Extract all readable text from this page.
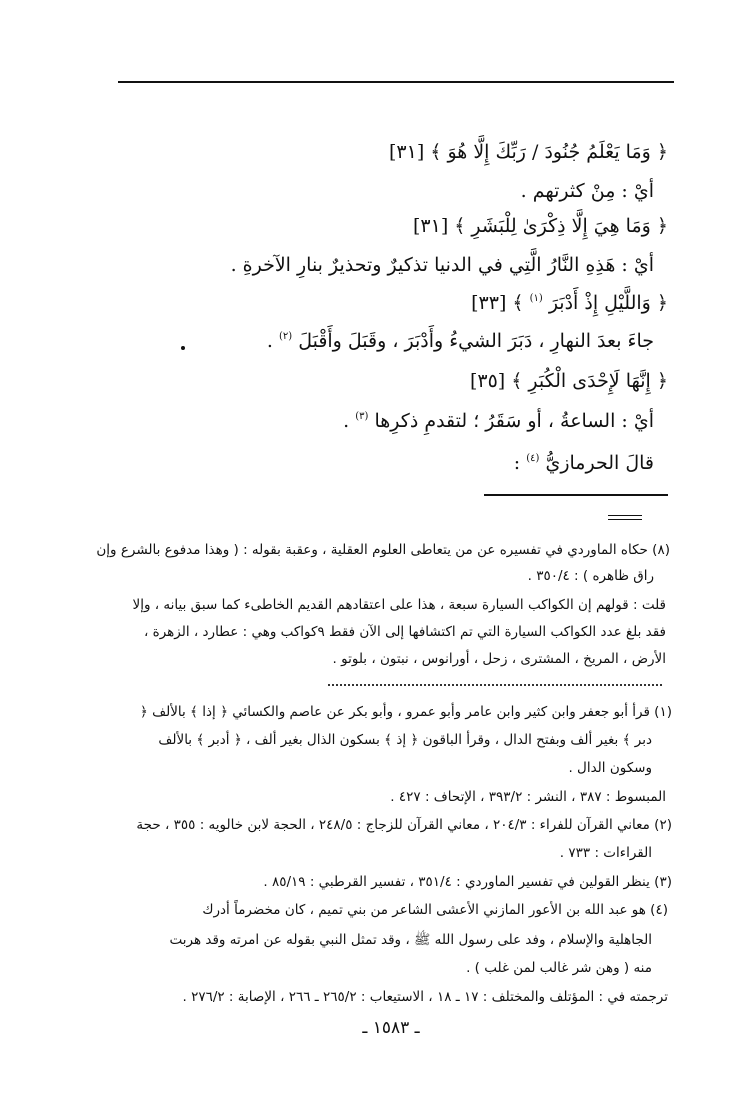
﴿ وَمَا يَعْلَمُ جُنُودَ / رَبِّكَ إِلَّا هُوَ ﴾ [٣١]
أيْ : مِنْ كثرتهم .
﴿ وَمَا هِيَ إِلَّا ذِكْرَىٰ لِلْبَشَرِ ﴾ [٣١]
أيْ : هَذِهِ النَّارُ الَّتِي في الدنيا تذكيرٌ وتحذيرٌ بنارِ الآخرةِ .
﴿ وَاللَّيْلِ إِذْ أَدْبَرَ $^{(١)}$ ﴾ [٣٣]
جاءَ بعدَ النهارِ ، دَبَرَ الشيءُ وأَدْبَرَ ، وقَبَلَ وأَقْبَلَ $^{(٢)}$ .
﴿ إِنَّهَا لَإِحْدَى الْكُبَرِ ﴾ [٣٥]
أيْ : الساعةُ ، أو سَقَرُ ؛ لتقدمِ ذكرِها $^{(٣)}$ .
قالَ الحرمازيُّ $^{(٤)}$ :
(٨) حكاه الماوردي في تفسيره عن من يتعاطى العلوم العقلية ، وعقبة بقوله : ( وهذا مدفوع بالشرع وإن
راق ظاهره ) : ٣٥٠/٤ .
قلت : قولهم إن الكواكب السيارة سبعة ، هذا على اعتقادهم القديم الخاطىء كما سبق بيانه ، وإلا
فقد بلغ عدد الكواكب السيارة التي تم اكتشافها إلى الآن فقط ٩كواكب وهي : عطارد ، الزهرة ،
الأرض ، المريخ ، المشترى ، زحل ، أورانوس ، نبتون ، بلوتو .
(١) قرأ أبو جعفر وابن كثير وابن عامر وأبو عمرو ، وأبو بكر عن عاصم والكسائي ﴿ إذا ﴾ بالألف ﴿
دبر ﴾ بغير ألف وبفتح الدال ، وقرأ الباقون ﴿ إذ ﴾ بسكون الذال بغير ألف ، ﴿ أدبر ﴾ بالألف
وسكون الدال .
المبسوط : ٣٨٧ ، النشر : ٣٩٣/٢ ، الإتحاف : ٤٢٧ .
(٢) معاني القرآن للفراء : ٢٠٤/٣ ، معاني القرآن للزجاج : ٢٤٨/٥ ، الحجة لابن خالويه : ٣٥٥ ، حجة
القراءات : ٧٣٣ .
(٣) ينظر القولين في تفسير الماوردي : ٣٥١/٤ ، تفسير القرطبي : ٨٥/١٩ .
(٤) هو عبد الله بن الأعور المازني الأعشى الشاعر من بني تميم ، كان مخضرماً أدرك
الجاهلية والإسلام ، وفد على رسول الله ﷺ ، وقد تمثل النبي بقوله عن امرته وقد هربت
منه ( وهن شر غالب لمن غلب ) .
ترجمته في : المؤتلف والمختلف : ١٧ ـ ١٨ ، الاستيعاب : ٢٦٥/٢ ـ ٢٦٦ ، الإصابة : ٢٧٦/٢ .
ـ ١٥٨٣ ـ
